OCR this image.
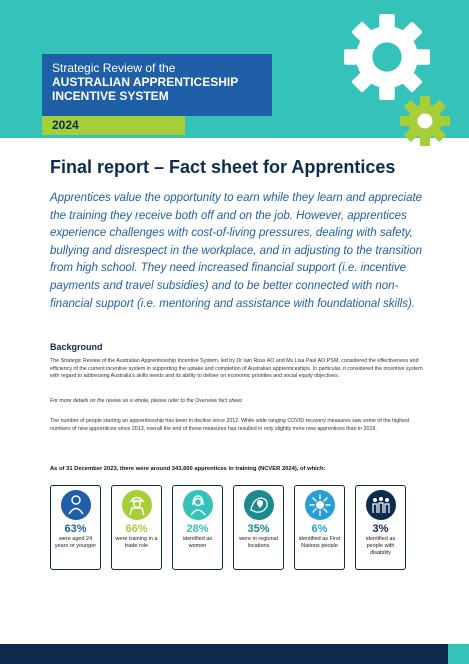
Strategic Review of the
AUSTRALIAN APPRENTICESHIP
INCENTIVE SYSTEM
2024
Final report – Fact sheet for Apprentices
Apprentices value the opportunity to earn while they learn and appreciate the training they receive both off and on the job. However, apprentices experience challenges with cost-of-living pressures, dealing with safety, bullying and disrespect in the workplace, and in adjusting to the transition from high school. They need increased financial support (i.e. incentive payments and travel subsidies) and to be better connected with non-financial support (i.e. mentoring and assistance with foundational skills).
Background
The Strategic Review of the Australian Apprenticeship Incentive System, led by Dr Iain Ross AO and Ms Lisa Paul AO PSM, considered the effectiveness and efficiency of the current incentive system in supporting the uptake and completion of Australian apprenticeships. In particular, it considered the incentive system with regard to addressing Australia's skills needs and its ability to deliver on economic priorities and social equity objectives.
For more details on the review as a whole, please refer to the Overview fact sheet.
The number of people starting an apprenticeship has been in decline since 2012. While wide ranging COVID recovery measures saw some of the highest numbers of new apprentices since 2013, overall the end of these measures has resulted in only slightly more new apprentices than in 2019.
As of 31 December 2023, there were around 343,600 apprentices in training (NCVER 2024), of which:
63%
were aged 24 years or younger
66%
were training in a trade role
28%
identified as women
35%
were in regional locations
6%
identified as First Nations people
3%
identified as people with disability
